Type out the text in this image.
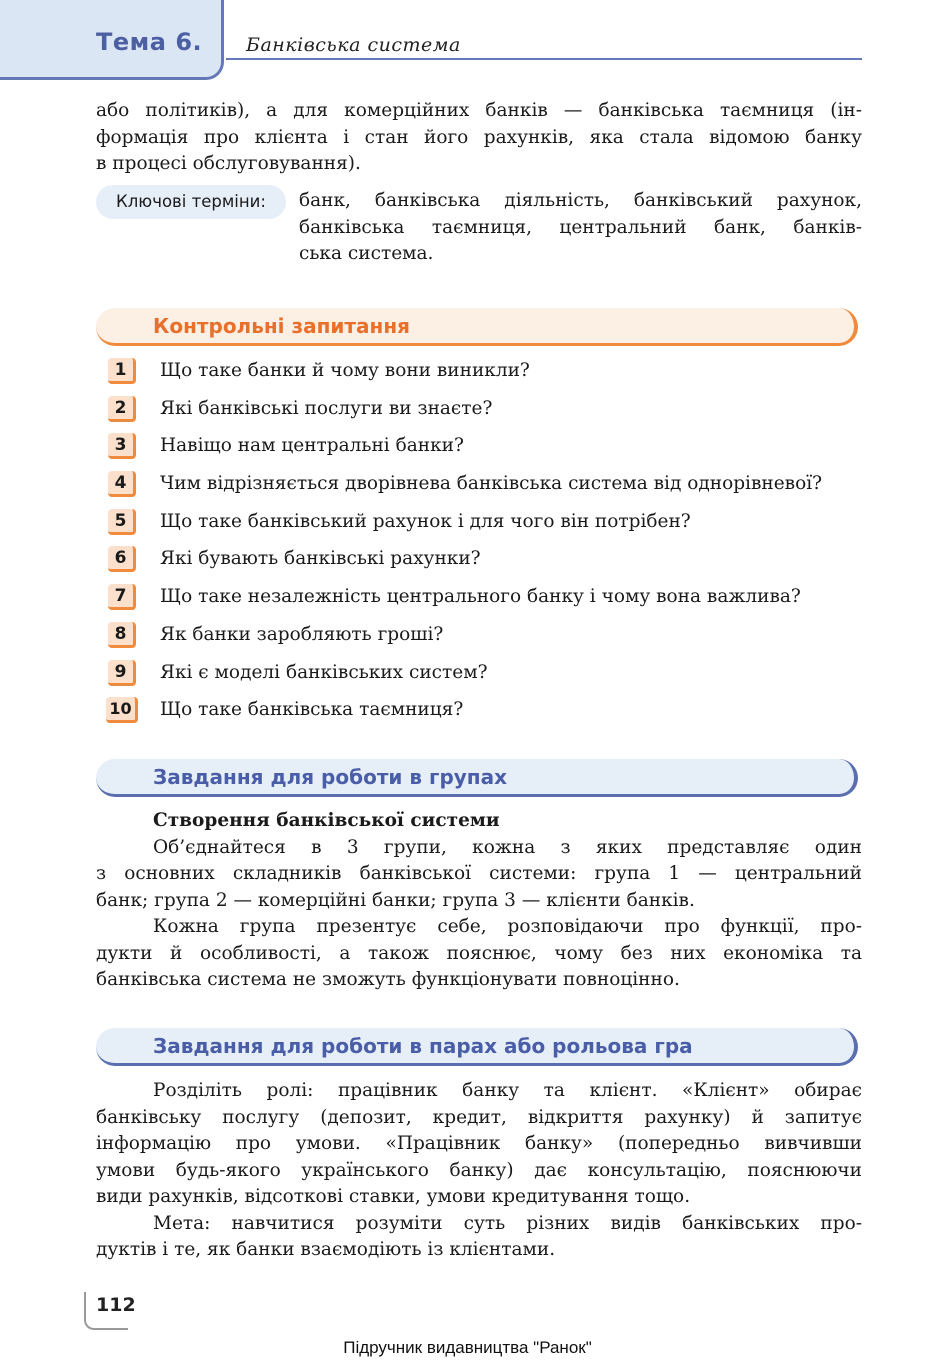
Тема 6. Банківська система
або політиків), а для комерційних банків — банківська таємниця (ін-
формація про клієнта і стан його рахунків, яка стала відомою банку
в процесі обслуговування).
Ключові терміни:	банк, банківська діяльність, банківський рахунок,
банківська таємниця, центральний банк, банків-
ська система.
Контрольні запитання
1	Що таке банки й чому вони виникли?
2	Які банківські послуги ви знаєте?
3	Навіщо нам центральні банки?
4	Чим відрізняється дворівнева банківська система від однорівневої?
5	Що таке банківський рахунок і для чого він потрібен?
6	Які бувають банківські рахунки?
7	Що таке незалежність центрального банку і чому вона важлива?
8	Як банки заробляють гроші?
9	Які є моделі банківських систем?
10	Що таке банківська таємниця?
Завдання для роботи в групах
Створення банківської системи
Об’єднайтеся в 3 групи, кожна з яких представляє один
з основних складників банківської системи: група 1 — центральний
банк; група 2 — комерційні банки; група 3 — клієнти банків.
Кожна група презентує себе, розповідаючи про функції, про-
дукти й особливості, а також пояснює, чому без них економіка та
банківська система не зможуть функціонувати повноцінно.
Завдання для роботи в парах або рольова гра
Розділіть ролі: працівник банку та клієнт. «Клієнт» обирає
банківську послугу (депозит, кредит, відкриття рахунку) й запитує
інформацію про умови. «Працівник банку» (попередньо вивчивши
умови будь-якого українського банку) дає консультацію, пояснюючи
види рахунків, відсоткові ставки, умови кредитування тощо.
Мета: навчитися розуміти суть різних видів банківських про-
дуктів і те, як банки взаємодіють із клієнтами.
112
Підручник видавництва "Ранок"
